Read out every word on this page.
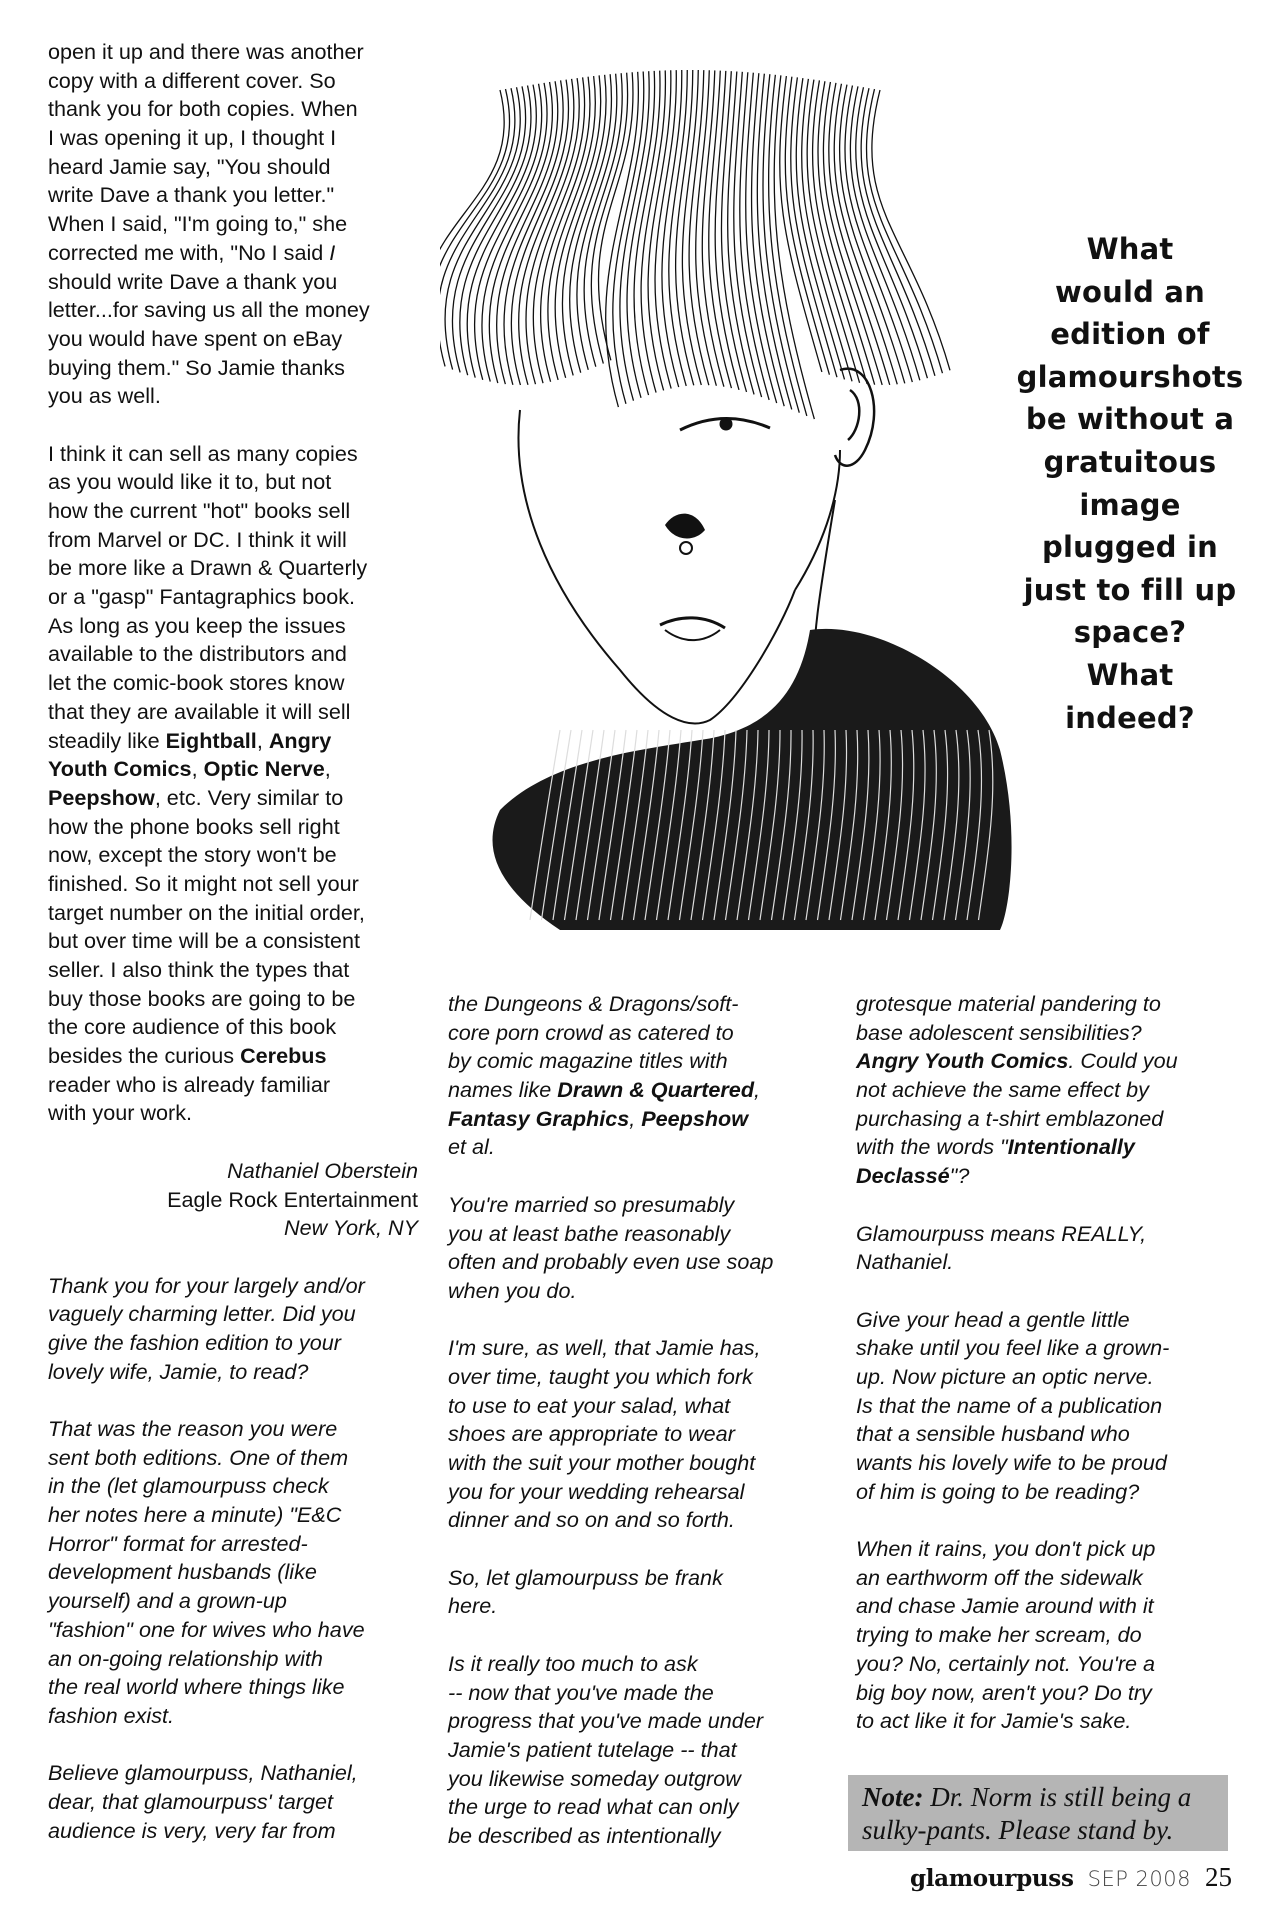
open it up and there was another
copy with a different cover. So
thank you for both copies. When
I was opening it up, I thought I
heard Jamie say, "You should
write Dave a thank you letter."
When I said, "I'm going to," she
corrected me with, "No I said I
should write Dave a thank you
letter...for saving us all the money
you would have spent on eBay
buying them." So Jamie thanks
you as well.
I think it can sell as many copies
as you would like it to, but not
how the current "hot" books sell
from Marvel or DC. I think it will
be more like a Drawn & Quarterly
or a "gasp" Fantagraphics book.
As long as you keep the issues
available to the distributors and
let the comic-book stores know
that they are available it will sell
steadily like Eightball, Angry
Youth Comics, Optic Nerve,
Peepshow, etc. Very similar to
how the phone books sell right
now, except the story won't be
finished. So it might not sell your
target number on the initial order,
but over time will be a consistent
seller. I also think the types that
buy those books are going to be
the core audience of this book
besides the curious Cerebus
reader who is already familiar
with your work.
Nathaniel Oberstein
Eagle Rock Entertainment
New York, NY
Thank you for your largely and/or
vaguely charming letter. Did you
give the fashion edition to your
lovely wife, Jamie, to read?
That was the reason you were
sent both editions. One of them
in the (let glamourpuss check
her notes here a minute) "E&C
Horror" format for arrested-
development husbands (like
yourself) and a grown-up
"fashion" one for wives who have
an on-going relationship with
the real world where things like
fashion exist.
Believe glamourpuss, Nathaniel,
dear, that glamourpuss' target
audience is very, very far from
the Dungeons & Dragons/soft-
core porn crowd as catered to
by comic magazine titles with
names like Drawn & Quartered,
Fantasy Graphics, Peepshow
et al.
You're married so presumably
you at least bathe reasonably
often and probably even use soap
when you do.
I'm sure, as well, that Jamie has,
over time, taught you which fork
to use to eat your salad, what
shoes are appropriate to wear
with the suit your mother bought
you for your wedding rehearsal
dinner and so on and so forth.
So, let glamourpuss be frank
here.
Is it really too much to ask
-- now that you've made the
progress that you've made under
Jamie's patient tutelage -- that
you likewise someday outgrow
the urge to read what can only
be described as intentionally
grotesque material pandering to
base adolescent sensibilities?
Angry Youth Comics. Could you
not achieve the same effect by
purchasing a t-shirt emblazoned
with the words "Intentionally
Declassé"?
Glamourpuss means REALLY,
Nathaniel.
Give your head a gentle little
shake until you feel like a grown-
up. Now picture an optic nerve.
Is that the name of a publication
that a sensible husband who
wants his lovely wife to be proud
of him is going to be reading?
When it rains, you don't pick up
an earthworm off the sidewalk
and chase Jamie around with it
trying to make her scream, do
you? No, certainly not. You're a
big boy now, aren't you? Do try
to act like it for Jamie's sake.
What
would an
edition of
glamourshots
be without a
gratuitous
image
plugged in
just to fill up
space?
What
indeed?
Note: Dr. Norm is still being a sulky-pants. Please stand by.
glamourpuss SEP 2008 25
